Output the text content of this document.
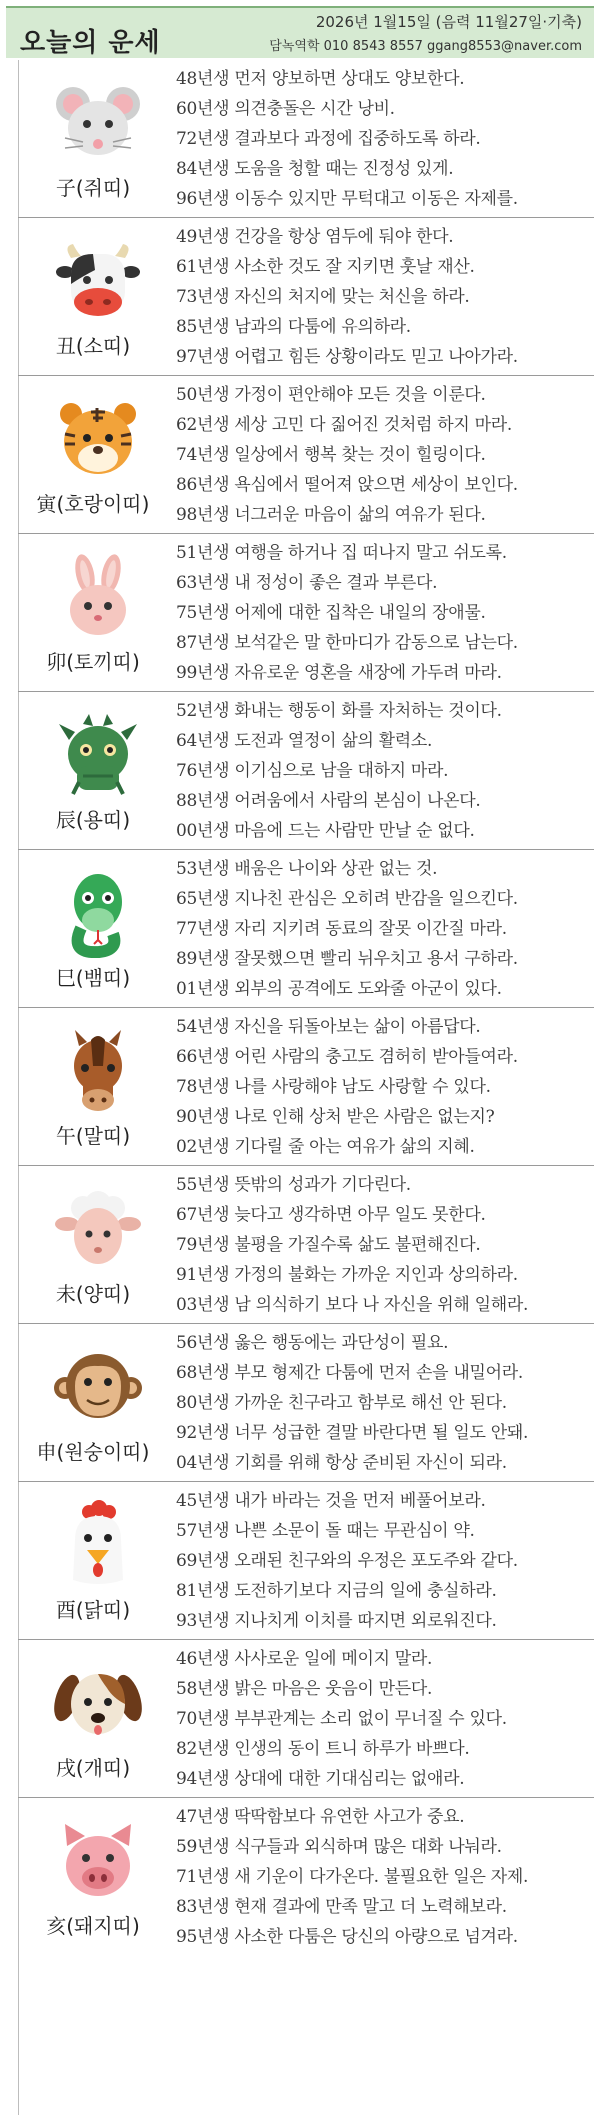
오늘의 운세
2026년 1월15일 (음력 11월27일·기축)
담녹역학 010 8543 8557 ggang8553@naver.com
子(쥐띠)
48년생 먼저 양보하면 상대도 양보한다.
60년생 의견충돌은 시간 낭비.
72년생 결과보다 과정에 집중하도록 하라.
84년생 도움을 청할 때는 진정성 있게.
96년생 이동수 있지만 무턱대고 이동은 자제를.
丑(소띠)
49년생 건강을 항상 염두에 둬야 한다.
61년생 사소한 것도 잘 지키면 훗날 재산.
73년생 자신의 처지에 맞는 처신을 하라.
85년생 남과의 다툼에 유의하라.
97년생 어렵고 힘든 상황이라도 믿고 나아가라.
寅(호랑이띠)
50년생 가정이 편안해야 모든 것을 이룬다.
62년생 세상 고민 다 짊어진 것처럼 하지 마라.
74년생 일상에서 행복 찾는 것이 힐링이다.
86년생 욕심에서 떨어져 앉으면 세상이 보인다.
98년생 너그러운 마음이 삶의 여유가 된다.
卯(토끼띠)
51년생 여행을 하거나 집 떠나지 말고 쉬도록.
63년생 내 정성이 좋은 결과 부른다.
75년생 어제에 대한 집착은 내일의 장애물.
87년생 보석같은 말 한마디가 감동으로 남는다.
99년생 자유로운 영혼을 새장에 가두려 마라.
辰(용띠)
52년생 화내는 행동이 화를 자처하는 것이다.
64년생 도전과 열정이 삶의 활력소.
76년생 이기심으로 남을 대하지 마라.
88년생 어려움에서 사람의 본심이 나온다.
00년생 마음에 드는 사람만 만날 순 없다.
巳(뱀띠)
53년생 배움은 나이와 상관 없는 것.
65년생 지나친 관심은 오히려 반감을 일으킨다.
77년생 자리 지키려 동료의 잘못 이간질 마라.
89년생 잘못했으면 빨리 뉘우치고 용서 구하라.
01년생 외부의 공격에도 도와줄 아군이 있다.
午(말띠)
54년생 자신을 뒤돌아보는 삶이 아름답다.
66년생 어린 사람의 충고도 겸허히 받아들여라.
78년생 나를 사랑해야 남도 사랑할 수 있다.
90년생 나로 인해 상처 받은 사람은 없는지?
02년생 기다릴 줄 아는 여유가 삶의 지혜.
未(양띠)
55년생 뜻밖의 성과가 기다린다.
67년생 늦다고 생각하면 아무 일도 못한다.
79년생 불평을 가질수록 삶도 불편해진다.
91년생 가정의 불화는 가까운 지인과 상의하라.
03년생 남 의식하기 보다 나 자신을 위해 일해라.
申(원숭이띠)
56년생 옳은 행동에는 과단성이 필요.
68년생 부모 형제간 다툼에 먼저 손을 내밀어라.
80년생 가까운 친구라고 함부로 해선 안 된다.
92년생 너무 성급한 결말 바란다면 될 일도 안돼.
04년생 기회를 위해 항상 준비된 자신이 되라.
酉(닭띠)
45년생 내가 바라는 것을 먼저 베풀어보라.
57년생 나쁜 소문이 돌 때는 무관심이 약.
69년생 오래된 친구와의 우정은 포도주와 같다.
81년생 도전하기보다 지금의 일에 충실하라.
93년생 지나치게 이치를 따지면 외로워진다.
戌(개띠)
46년생 사사로운 일에 메이지 말라.
58년생 밝은 마음은 웃음이 만든다.
70년생 부부관계는 소리 없이 무너질 수 있다.
82년생 인생의 동이 트니 하루가 바쁘다.
94년생 상대에 대한 기대심리는 없애라.
亥(돼지띠)
47년생 딱딱함보다 유연한 사고가 중요.
59년생 식구들과 외식하며 많은 대화 나눠라.
71년생 새 기운이 다가온다. 불필요한 일은 자제.
83년생 현재 결과에 만족 말고 더 노력해보라.
95년생 사소한 다툼은 당신의 아량으로 넘겨라.
